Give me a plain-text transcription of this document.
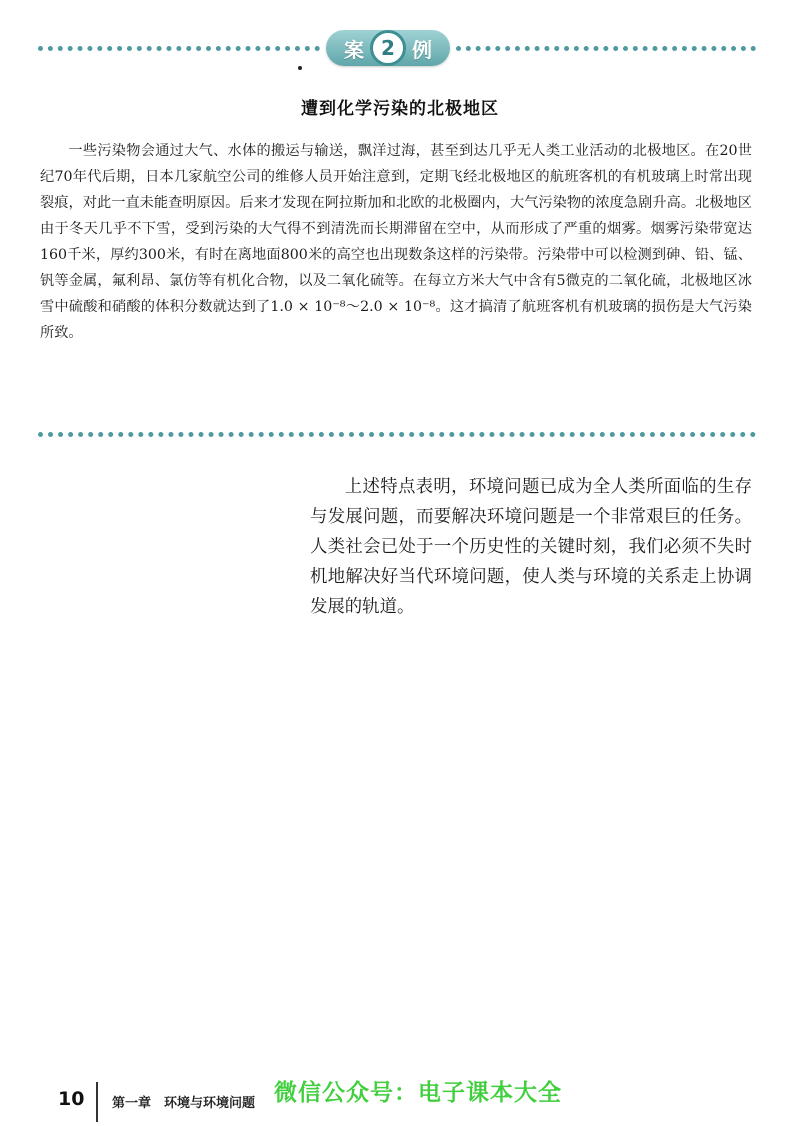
案 2 例
遭到化学污染的北极地区

一些污染物会通过大气、水体的搬运与输送，飘洋过海，甚至到达几乎无人类工业活动的北极地区。在20世纪70年代后期，日本几家航空公司的维修人员开始注意到，定期飞经北极地区的航班客机的有机玻璃上时常出现裂痕，对此一直未能查明原因。后来才发现在阿拉斯加和北欧的北极圈内，大气污染物的浓度急剧升高。北极地区由于冬天几乎不下雪，受到污染的大气得不到清洗而长期滞留在空中，从而形成了严重的烟雾。烟雾污染带宽达160千米，厚约300米，有时在离地面800米的高空也出现数条这样的污染带。污染带中可以检测到砷、铅、锰、钒等金属，氟利昂、氯仿等有机化合物，以及二氧化硫等。在每立方米大气中含有5微克的二氧化硫，北极地区冰雪中硫酸和硝酸的体积分数就达到了1.0 × 10⁻⁸～2.0 × 10⁻⁸。这才搞清了航班客机有机玻璃的损伤是大气污染所致。

上述特点表明，环境问题已成为全人类所面临的生存与发展问题，而要解决环境问题是一个非常艰巨的任务。人类社会已处于一个历史性的关键时刻，我们必须不失时机地解决好当代环境问题，使人类与环境的关系走上协调发展的轨道。

10 第一章　环境与环境问题 微信公众号：电子课本大全
